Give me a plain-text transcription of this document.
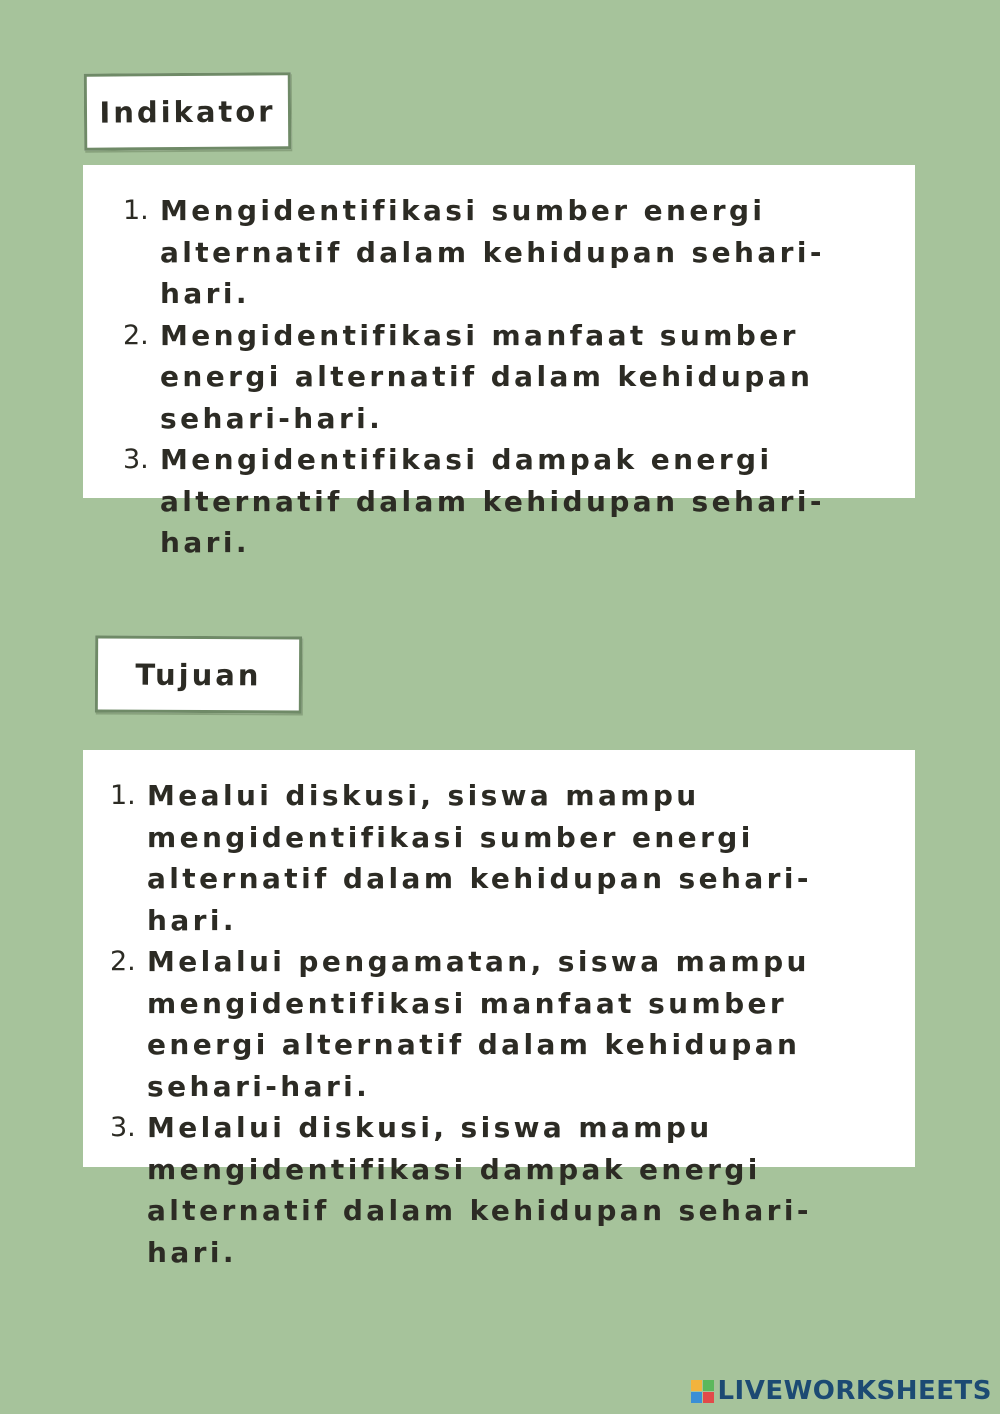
Indikator
1. Mengidentifikasi sumber energi alternatif dalam kehidupan sehari-hari.
2. Mengidentifikasi manfaat sumber energi alternatif dalam kehidupan sehari-hari.
3. Mengidentifikasi dampak energi alternatif dalam kehidupan sehari-hari.
Tujuan
1. Mealui diskusi, siswa mampu mengidentifikasi sumber energi alternatif dalam kehidupan sehari-hari.
2. Melalui pengamatan, siswa mampu mengidentifikasi manfaat sumber energi alternatif dalam kehidupan sehari-hari.
3. Melalui diskusi, siswa mampu mengidentifikasi dampak energi alternatif dalam kehidupan sehari-hari.
LIVEWORKSHEETS
